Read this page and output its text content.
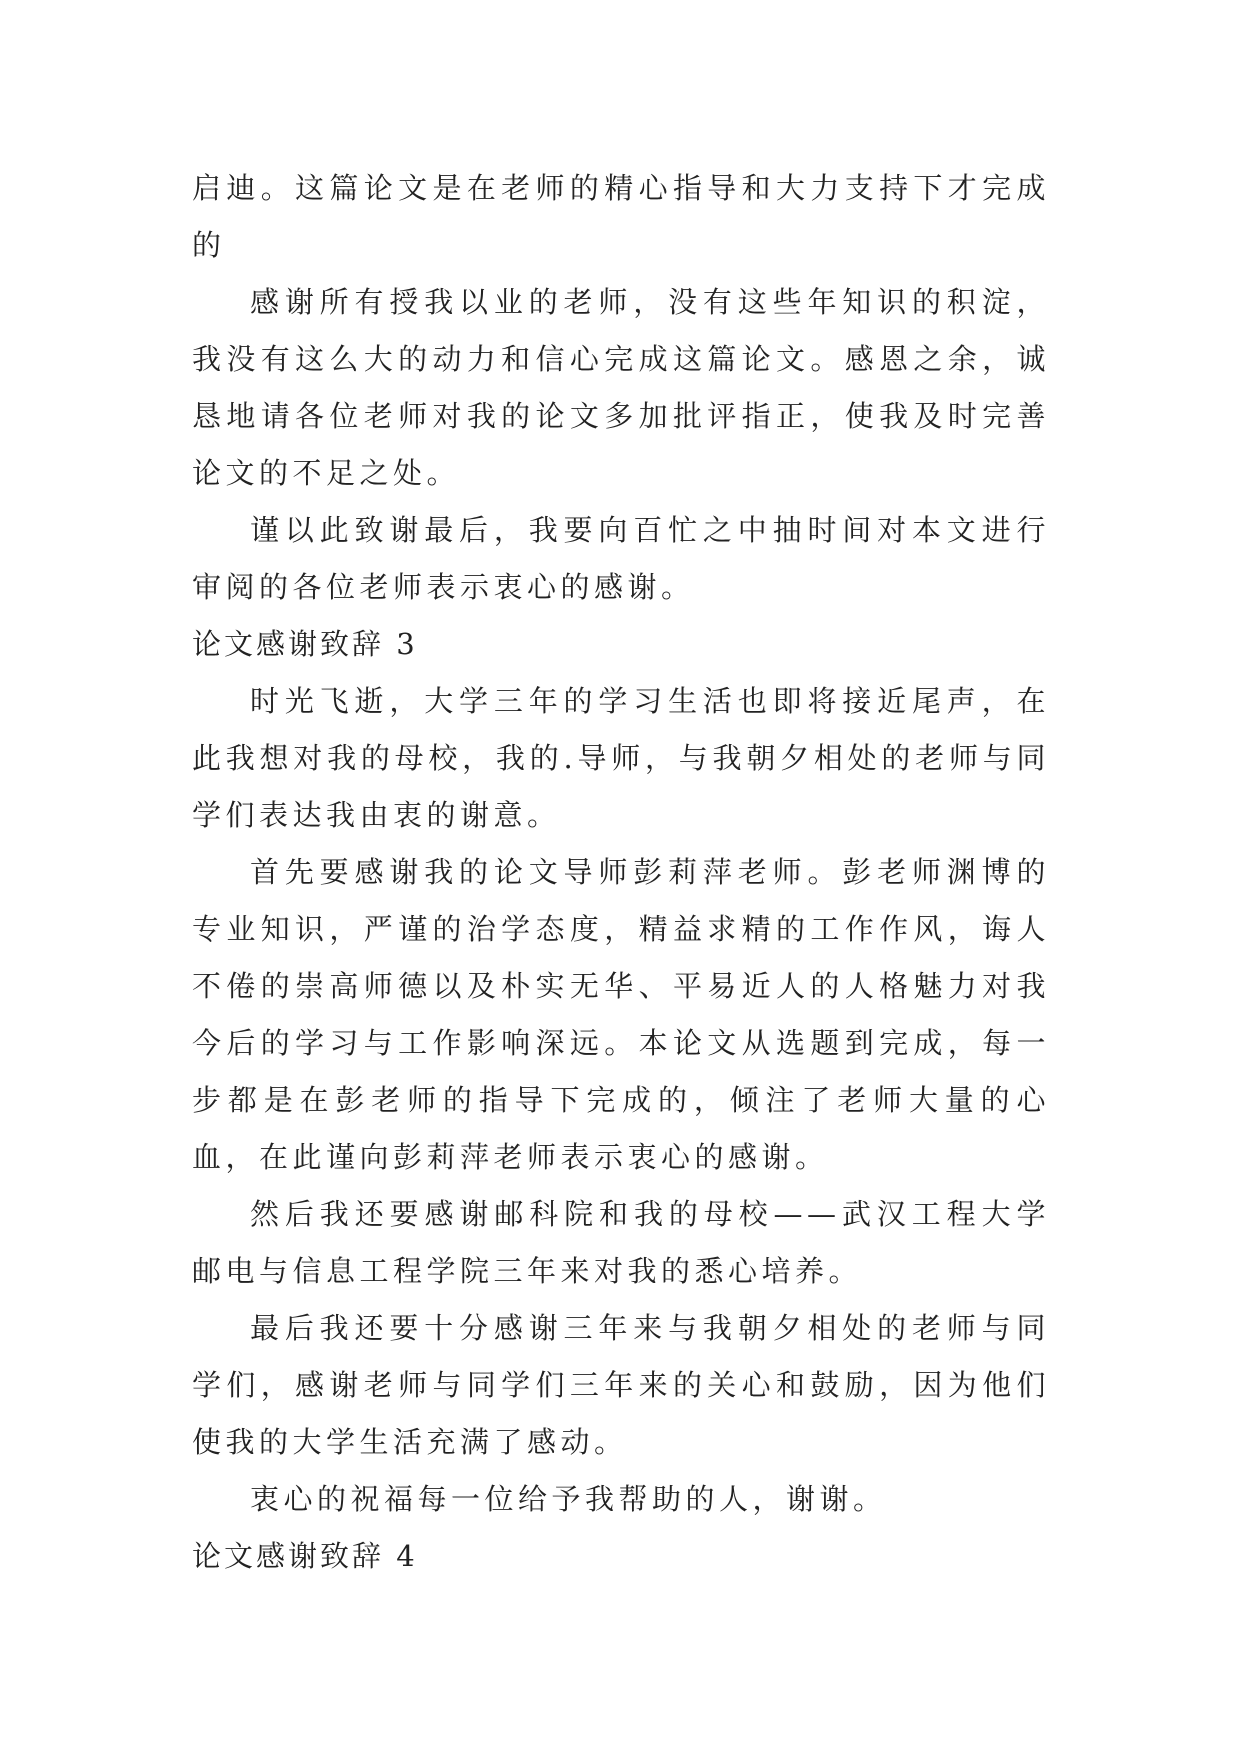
启迪。这篇论文是在老师的精心指导和大力支持下才完成的

感谢所有授我以业的老师，没有这些年知识的积淀，我没有这么大的动力和信心完成这篇论文。感恩之余，诚恳地请各位老师对我的论文多加批评指正，使我及时完善论文的不足之处。

谨以此致谢最后，我要向百忙之中抽时间对本文进行审阅的各位老师表示衷心的感谢。

论文感谢致辞 3

时光飞逝，大学三年的学习生活也即将接近尾声，在此我想对我的母校，我的.导师，与我朝夕相处的老师与同学们表达我由衷的谢意。

首先要感谢我的论文导师彭莉萍老师。彭老师渊博的专业知识，严谨的治学态度，精益求精的工作作风，诲人不倦的崇高师德以及朴实无华、平易近人的人格魅力对我今后的学习与工作影响深远。本论文从选题到完成，每一步都是在彭老师的指导下完成的，倾注了老师大量的心血，在此谨向彭莉萍老师表示衷心的感谢。

然后我还要感谢邮科院和我的母校——武汉工程大学邮电与信息工程学院三年来对我的悉心培养。

最后我还要十分感谢三年来与我朝夕相处的老师与同学们，感谢老师与同学们三年来的关心和鼓励，因为他们使我的大学生活充满了感动。

衷心的祝福每一位给予我帮助的人，谢谢。

论文感谢致辞 4
